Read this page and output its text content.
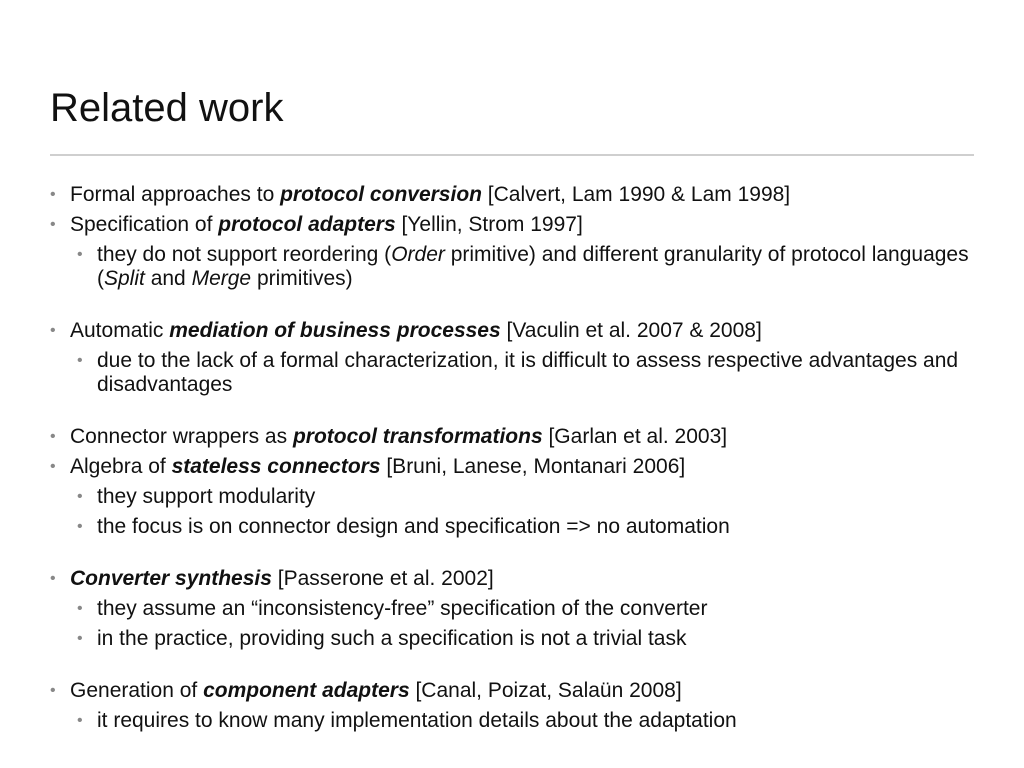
Related work
• Formal approaches to protocol conversion [Calvert, Lam 1990 & Lam 1998]
• Specification of protocol adapters [Yellin, Strom 1997]
• they do not support reordering (Order primitive) and different granularity of protocol languages (Split and Merge primitives)
• Automatic mediation of business processes [Vaculin et al. 2007 & 2008]
• due to the lack of a formal characterization, it is difficult to assess respective advantages and disadvantages
• Connector wrappers as protocol transformations [Garlan et al. 2003]
• Algebra of stateless connectors [Bruni, Lanese, Montanari 2006]
• they support modularity
• the focus is on connector design and specification => no automation
• Converter synthesis [Passerone et al. 2002]
• they assume an “inconsistency-free” specification of the converter
• in the practice, providing such a specification is not a trivial task
• Generation of component adapters [Canal, Poizat, Salaün 2008]
• it requires to know many implementation details about the adaptation
